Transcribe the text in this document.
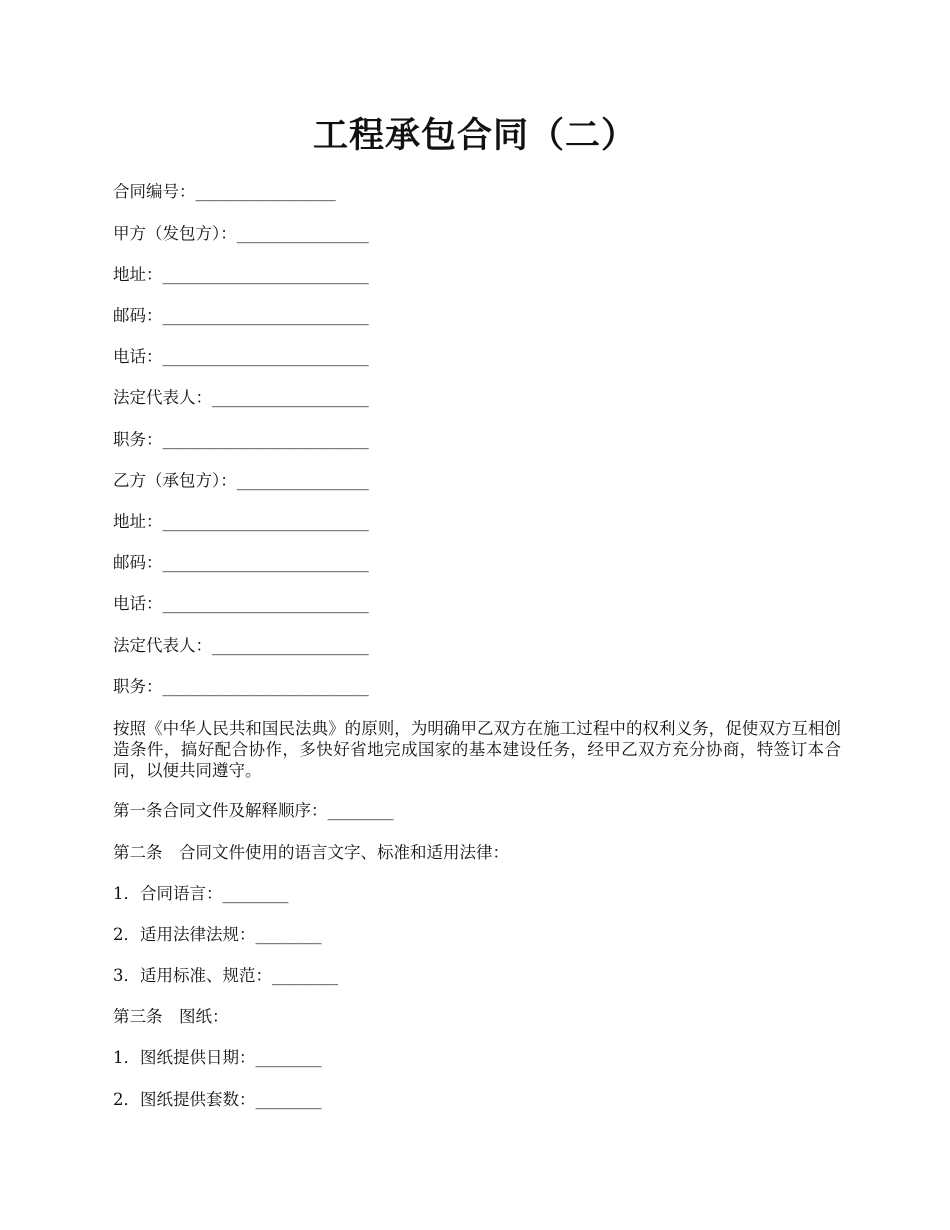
工程承包合同（二）
合同编号：_________________
甲方（发包方）：________________
地址：_________________________
邮码：_________________________
电话：_________________________
法定代表人：___________________
职务：_________________________
乙方（承包方）：________________
地址：_________________________
邮码：_________________________
电话：_________________________
法定代表人：___________________
职务：_________________________
按照《中华人民共和国民法典》的原则，为明确甲乙双方在施工过程中的权利义务，促使双方互相创造条件，搞好配合协作，多快好省地完成国家的基本建设任务，经甲乙双方充分协商，特签订本合同，以便共同遵守。
第一条合同文件及解释顺序：________
第二条　合同文件使用的语言文字、标准和适用法律：
1．合同语言：________
2．适用法律法规：________
3．适用标准、规范：________
第三条　图纸：
1．图纸提供日期：________
2．图纸提供套数：________
